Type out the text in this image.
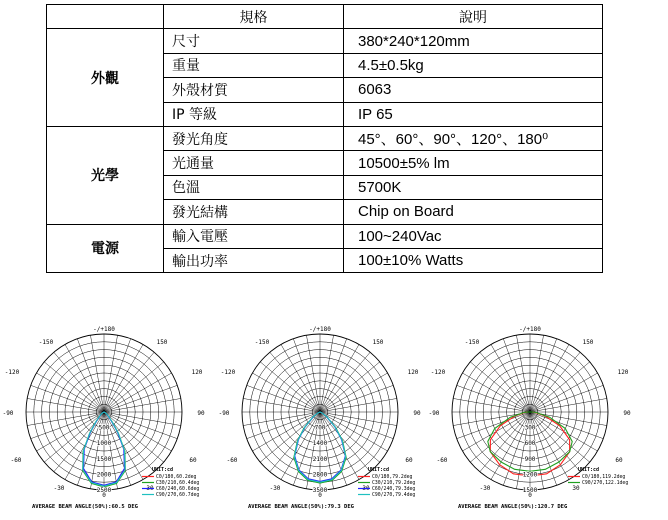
	規格	說明
外觀	尺寸	380*240*120mm
	重量	4.5±0.5kg
	外殼材質	6063
	IP 等級	IP 65
光學	發光角度	45°、60°、90°、120°、180⁰
	光通量	10500±5% lm
	色溫	5700K
	發光結構	Chip on Board
電源	輸入電壓	100~240Vac
	輸出功率	100±10% Watts
-/+180
-150	150
-120	120
-90	90
-60	60
-30	30
0
500
1000
1500
2000
2500
UNIT:cd
C0/180,60.2deg
C30/210,60.4deg
C60/240,60.6deg
C90/270,60.7deg
AVERAGE BEAM ANGLE(50%):60.5 DEG
-/+180
-150	150
-120	120
-90	90
-60	60
-30	30
0
700
1400
2100
2800
3500
UNIT:cd
C0/180,79.2deg
C30/210,79.2deg
C60/240,79.3deg
C90/270,79.4deg
AVERAGE BEAM ANGLE(50%):79.3 DEG
-/+180
-150	150
-120	120
-90	90
-60	60
-30	30
0
300
600
900
1200
1500
UNIT:cd
C0/180,119.2deg
C90/270,122.1deg
AVERAGE BEAM ANGLE(50%):120.7 DEG
